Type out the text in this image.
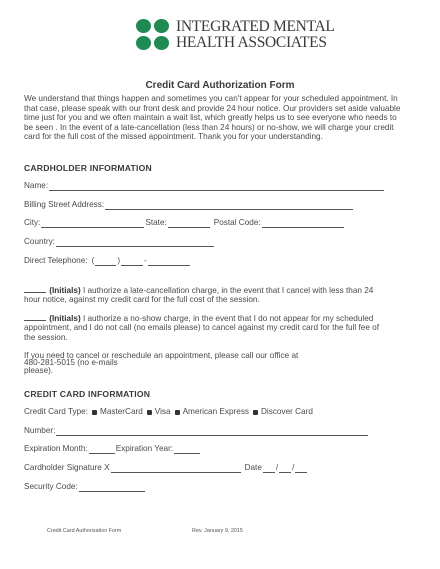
INTEGRATED MENTAL
HEALTH ASSOCIATES
Credit Card Authorization Form

We understand that things happen and sometimes you can't appear for your scheduled appointment. In that case, please speak with our front desk and provide 24 hour notice. Our providers set aside valuable time just for you and we often maintain a wait list, which greatly helps us to see everyone who needs to be seen . In the event of a late-cancellation (less than 24 hours) or no-show, we will charge your credit card for the full cost of the missed appointment. Thank you for your understanding.

CARDHOLDER INFORMATION
Name:
Billing Street Address:
City:	State:	Postal Code:
Country:
Direct Telephone: (	)	-
(Initials) I authorize a late-cancellation charge, in the event that I cancel with less than 24 hour notice, against my credit card for the full cost of the session.
(Initials) I authorize a no-show charge, in the event that I do not appear for my scheduled appointment, and I do not call (no emails please) to cancel against my credit card for the full fee of the session.
If you need to cancel or reschedule an appointment, please call our office at
480-281-5015 (no e-mails
please).
CREDIT CARD INFORMATION
Credit Card Type: MasterCard Visa American Express Discover Card
Number:
Expiration Month:	Expiration Year:
Cardholder Signature X	Date / /
Security Code:
Credit Card Authorization Form	Rev. January 9, 2015
